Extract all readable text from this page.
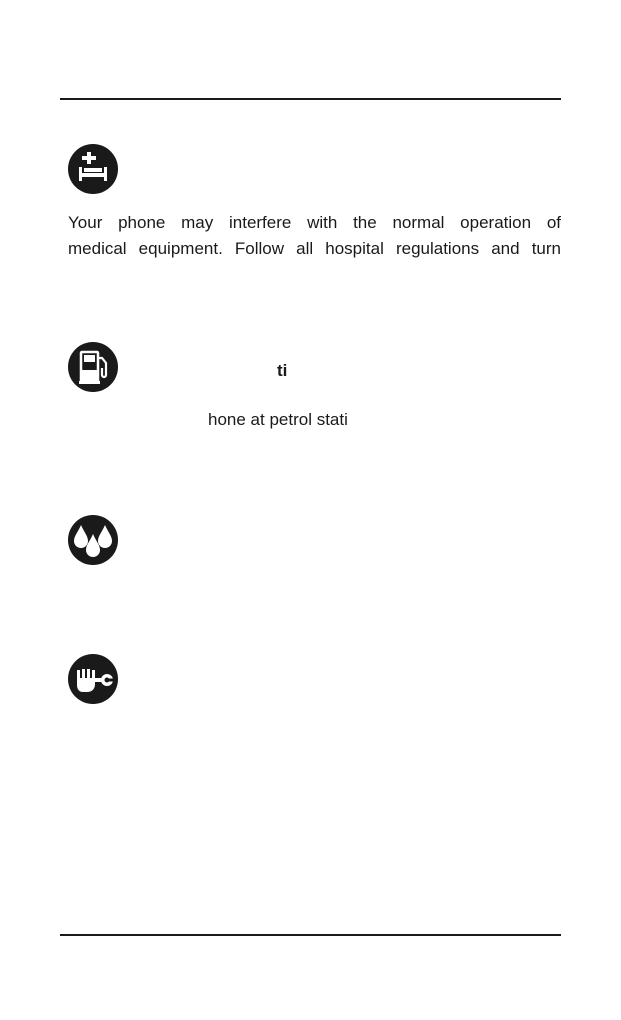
Your phone may interfere with the normal operation of
medical equipment. Follow all hospital regulations and turn
ti
hone at petrol stati
